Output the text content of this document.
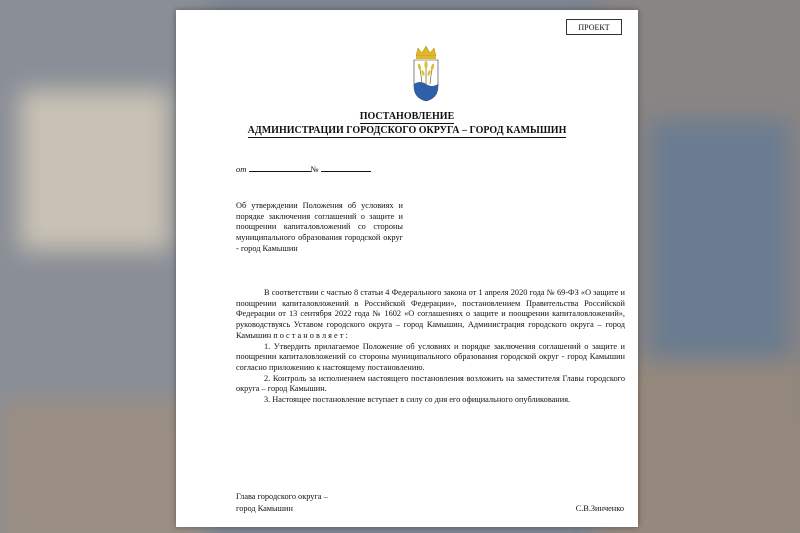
ПРОЕКТ
ПОСТАНОВЛЕНИЕ
АДМИНИСТРАЦИИ ГОРОДСКОГО ОКРУГА – ГОРОД КАМЫШИН
от	№
Об утверждении Положения об условиях и порядке заключения соглашений о защите и поощрении капиталовложений со стороны муниципального образования городской округ - город Камышин

В соответствии с частью 8 статьи 4 Федерального закона от 1 апреля 2020 года № 69-ФЗ «О защите и поощрении капиталовложений в Российской Федерации», постановлением Правительства Российской Федерации от 13 сентября 2022 года № 1602 «О соглашениях о защите и поощрении капиталовложений», руководствуясь Уставом городского округа – город Камышин, Администрация городского округа – город Камышин п о с т а н о в л я е т :

1. Утвердить прилагаемое Положение об условиях и порядке заключения соглашений о защите и поощрении капиталовложений со стороны муниципального образования городской округ - город Камышин согласно приложению к настоящему постановлению.

2. Контроль за исполнением настоящего постановления возложить на заместителя Главы городского округа – город Камышин.

3. Настоящее постановление вступает в силу со дня его официального опубликования.

Глава городского округа –
город Камышин	С.В.Зинченко
